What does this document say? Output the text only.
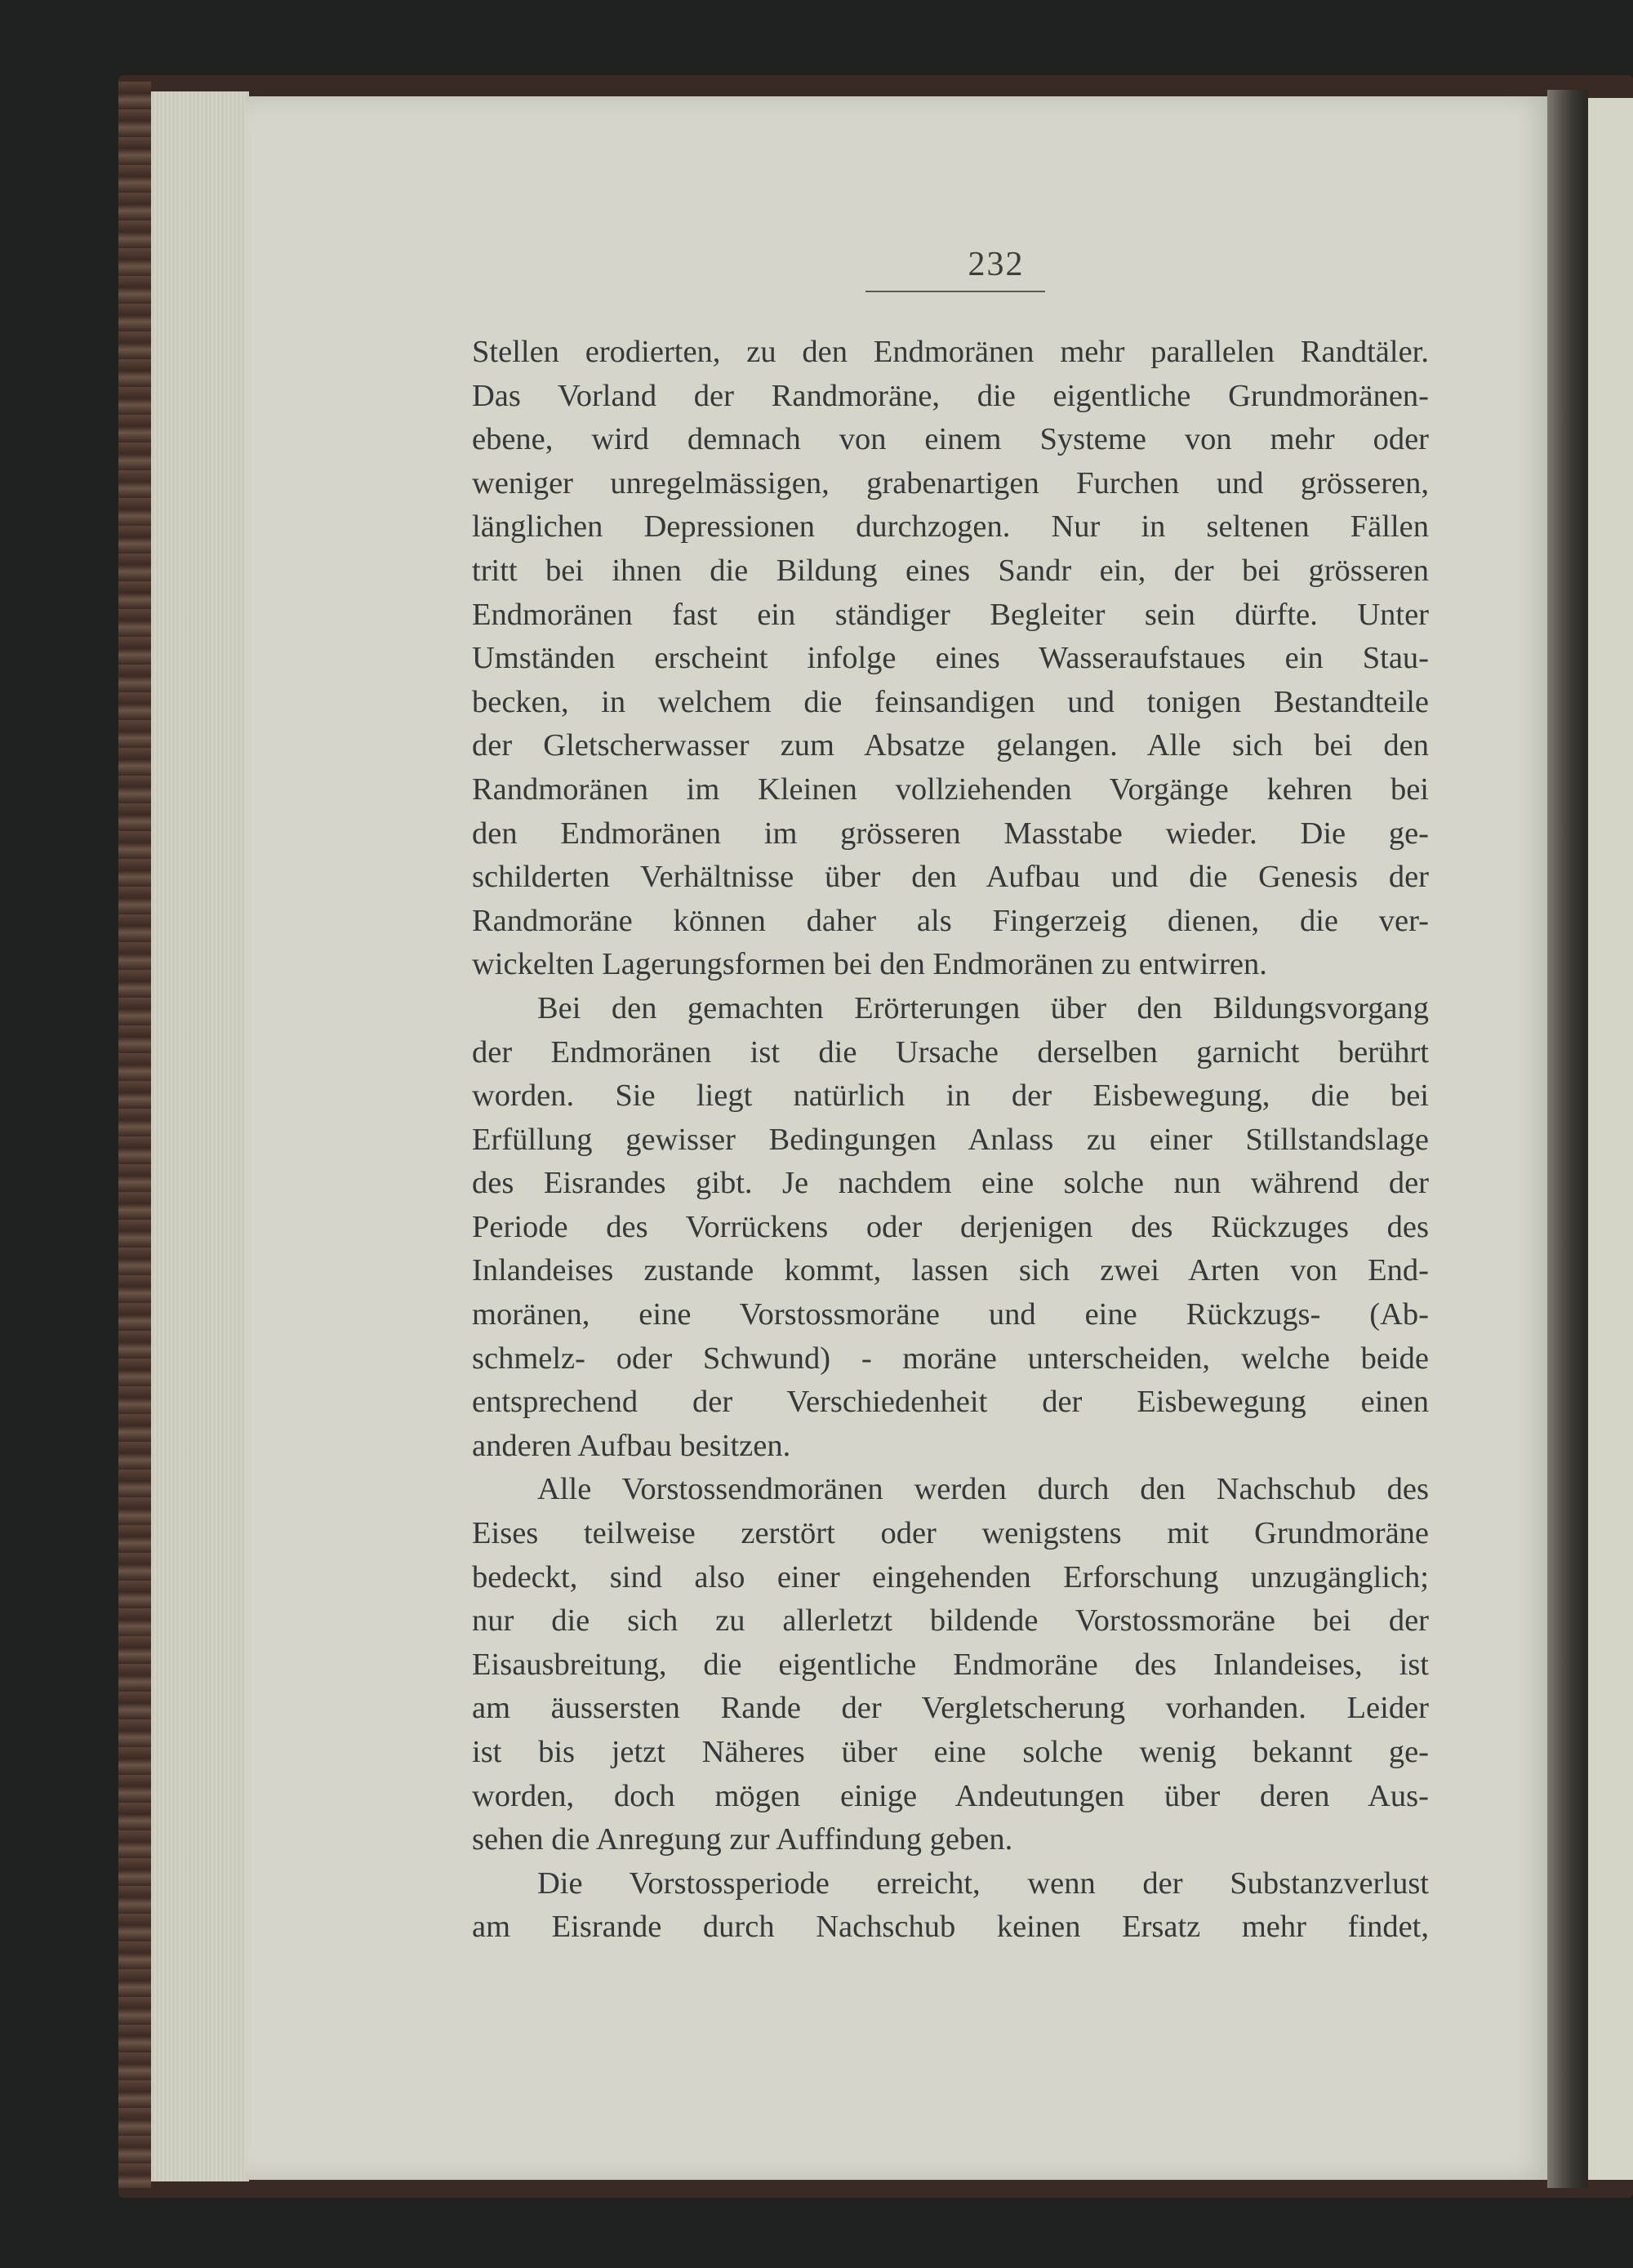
232
Stellen erodierten, zu den Endmoränen mehr parallelen Randtäler.
Das Vorland der Randmoräne, die eigentliche Grundmoränen-
ebene, wird demnach von einem Systeme von mehr oder
weniger unregelmässigen, grabenartigen Furchen und grösseren,
länglichen Depressionen durchzogen. Nur in seltenen Fällen
tritt bei ihnen die Bildung eines Sandr ein, der bei grösseren
Endmoränen fast ein ständiger Begleiter sein dürfte. Unter
Umständen erscheint infolge eines Wasseraufstaues ein Stau-
becken, in welchem die feinsandigen und tonigen Bestandteile
der Gletscherwasser zum Absatze gelangen. Alle sich bei den
Randmoränen im Kleinen vollziehenden Vorgänge kehren bei
den Endmoränen im grösseren Masstabe wieder. Die ge-
schilderten Verhältnisse über den Aufbau und die Genesis der
Randmoräne können daher als Fingerzeig dienen, die ver-
wickelten Lagerungsformen bei den Endmoränen zu entwirren.
Bei den gemachten Erörterungen über den Bildungsvorgang
der Endmoränen ist die Ursache derselben garnicht berührt
worden. Sie liegt natürlich in der Eisbewegung, die bei
Erfüllung gewisser Bedingungen Anlass zu einer Stillstandslage
des Eisrandes gibt. Je nachdem eine solche nun während der
Periode des Vorrückens oder derjenigen des Rückzuges des
Inlandeises zustande kommt, lassen sich zwei Arten von End-
moränen, eine Vorstossmoräne und eine Rückzugs- (Ab-
schmelz- oder Schwund) - moräne unterscheiden, welche beide
entsprechend der Verschiedenheit der Eisbewegung einen
anderen Aufbau besitzen.
Alle Vorstossendmoränen werden durch den Nachschub des
Eises teilweise zerstört oder wenigstens mit Grundmoräne
bedeckt, sind also einer eingehenden Erforschung unzugänglich;
nur die sich zu allerletzt bildende Vorstossmoräne bei der
Eisausbreitung, die eigentliche Endmoräne des Inlandeises, ist
am äussersten Rande der Vergletscherung vorhanden. Leider
ist bis jetzt Näheres über eine solche wenig bekannt ge-
worden, doch mögen einige Andeutungen über deren Aus-
sehen die Anregung zur Auffindung geben.
Die Vorstossperiode erreicht, wenn der Substanzverlust
am Eisrande durch Nachschub keinen Ersatz mehr findet,
